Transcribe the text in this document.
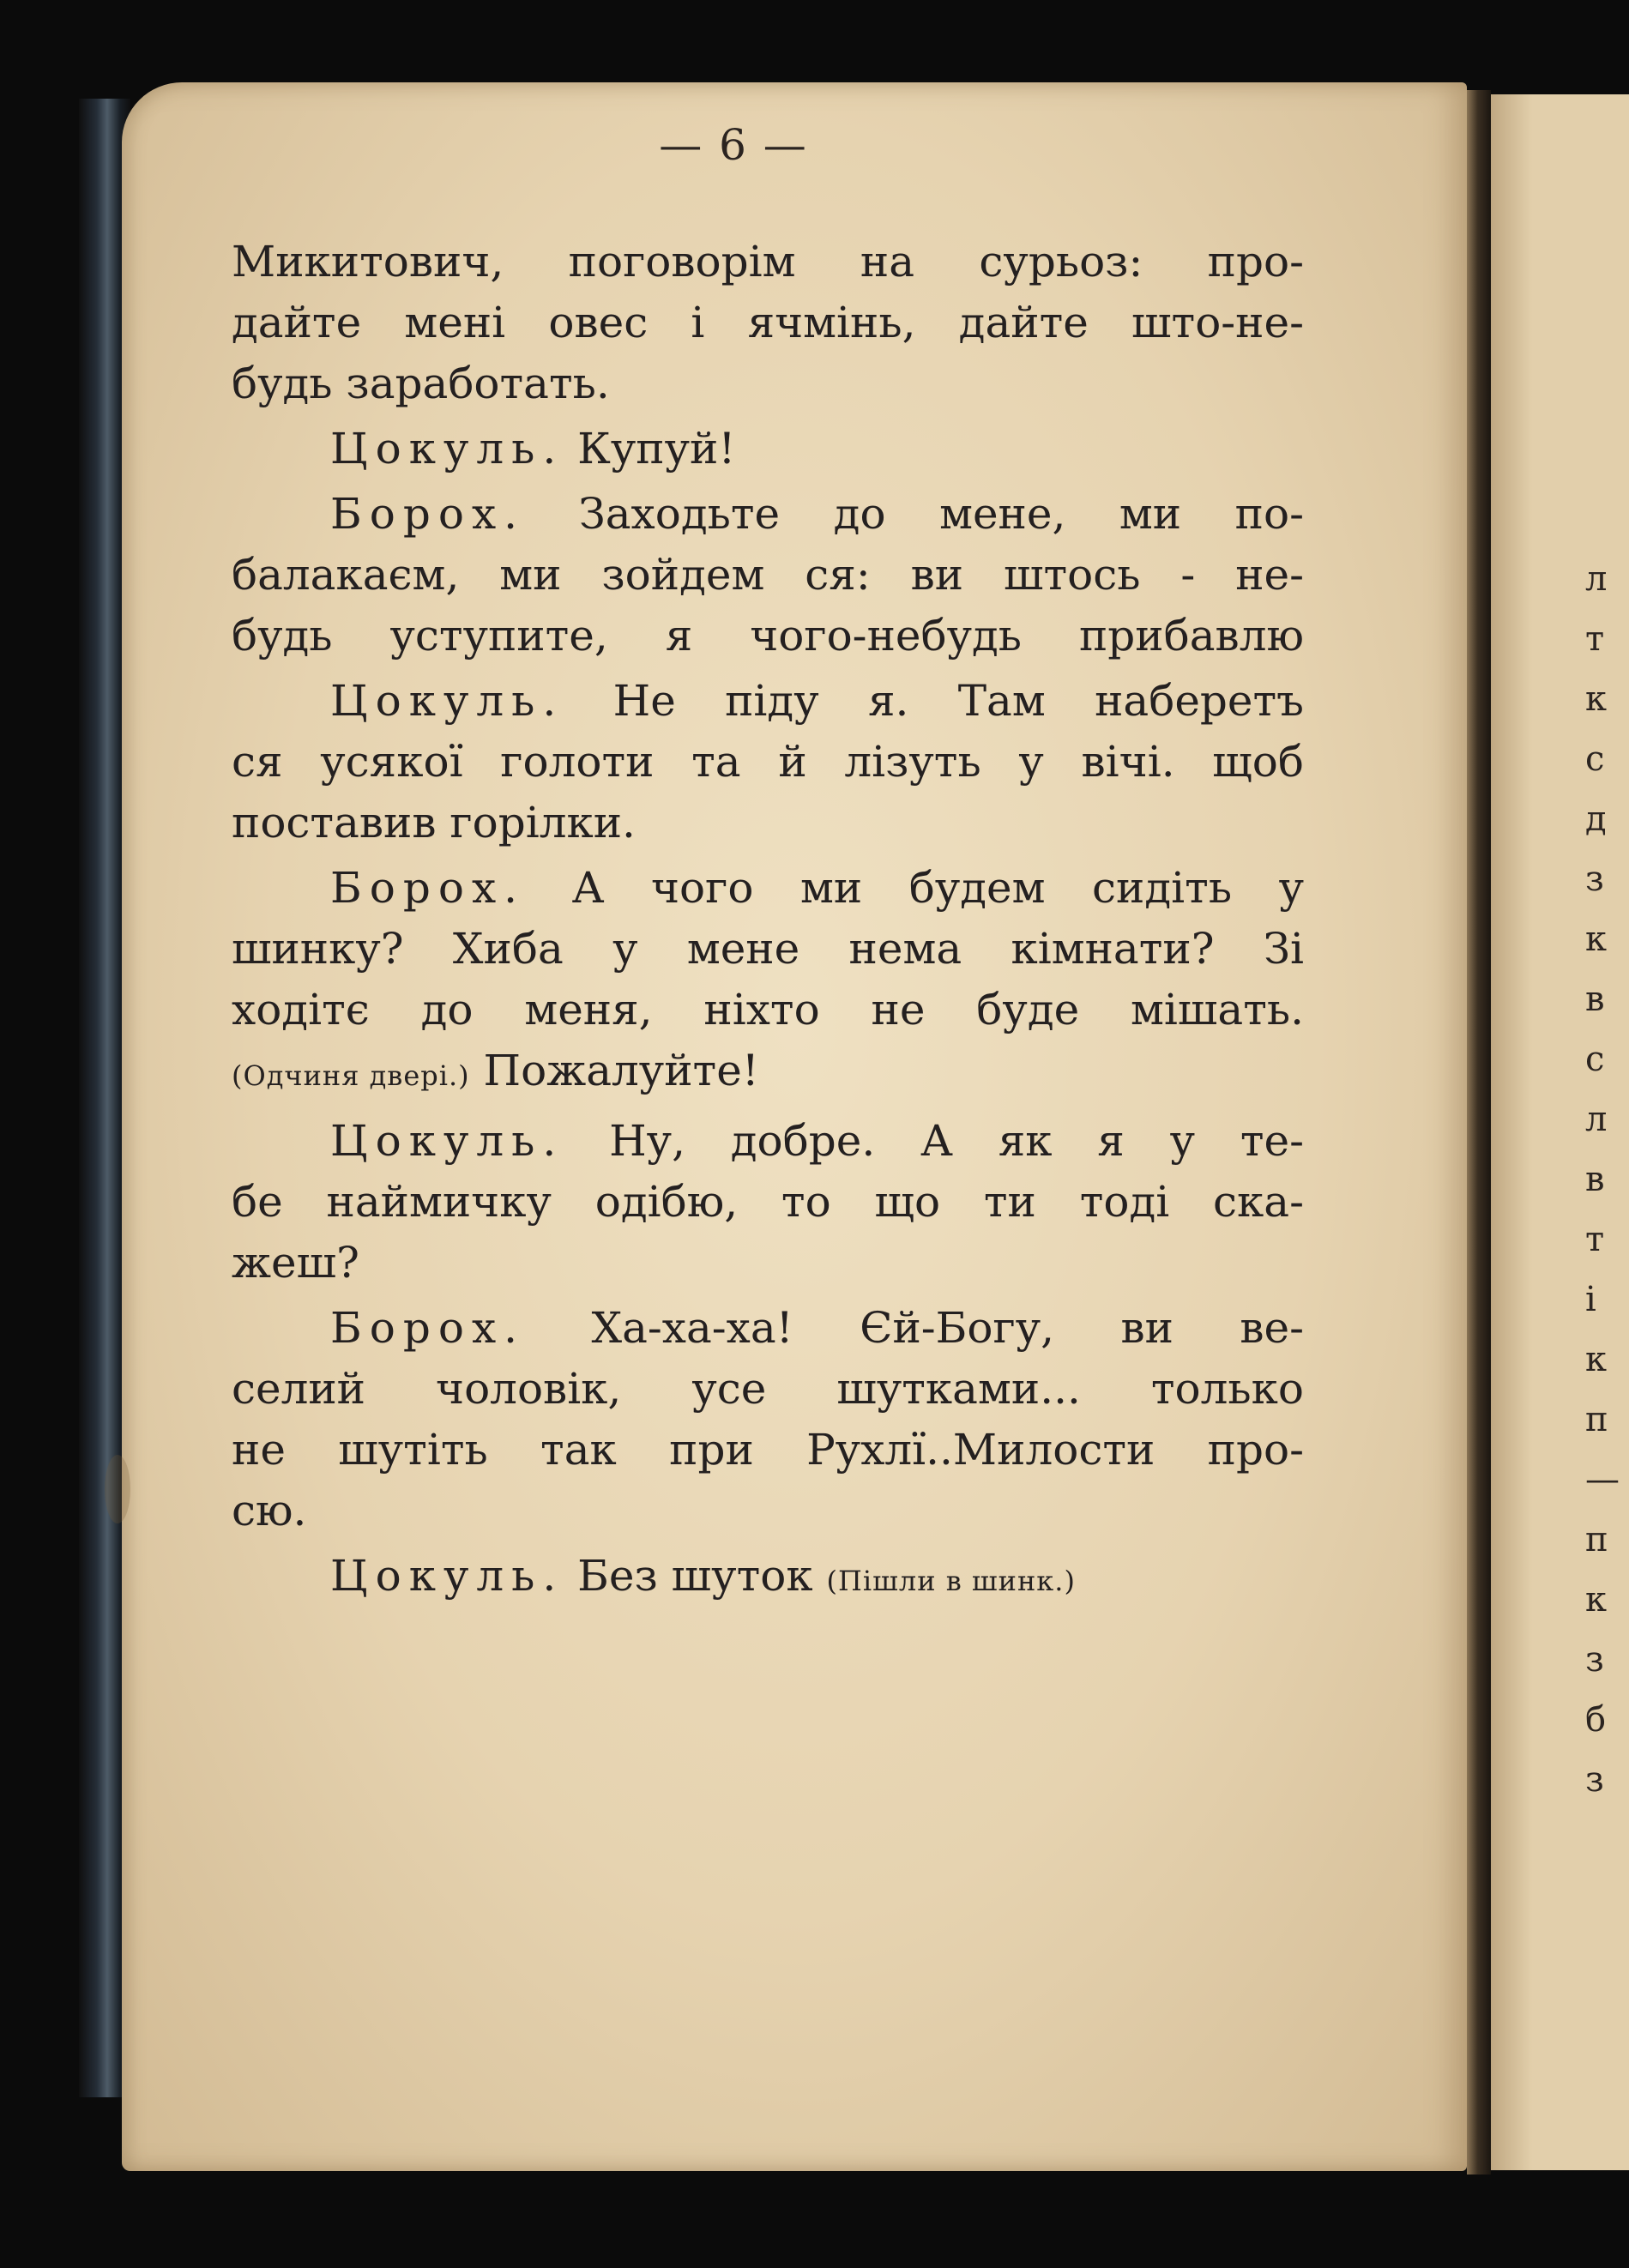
— 6 —

Микитович, поговорім на сурьоз: про-
дайте мені овес і ячмінь, дайте што-не-
будь заработать.

Цокуль. Купуй!

Борох. Заходьте до мене, ми по-
балакаєм, ми зойдем ся: ви штось - не-
будь уступите, я чого-небудь прибавлю

Цокуль. Не піду я. Там наберетъ
ся усякої голоти та й лізуть у вічі. щоб
поставив горілки.

Борох. А чого ми будем сидіть у
шинку? Хиба у мене нема кімнати? Зі
ходітє до меня, ніхто не буде мішать.
(Одчиня двері.) Пожалуйте!

Цокуль. Ну, добре. А як я у те-
бе наймичку одібю, то що ти тоді ска-
жеш?

Борох. Ха-ха-ха! Єй-Богу, ви ве-
селий чоловік, усе шутками... только
не шутіть так при Рухлї..Милости про-
сю.

Цокуль. Без шуток (Пішли в шинк.)

л
т
к
с
д
з
к
в
с
л
в
т
і
к
п
—
п
к
з
б
з
